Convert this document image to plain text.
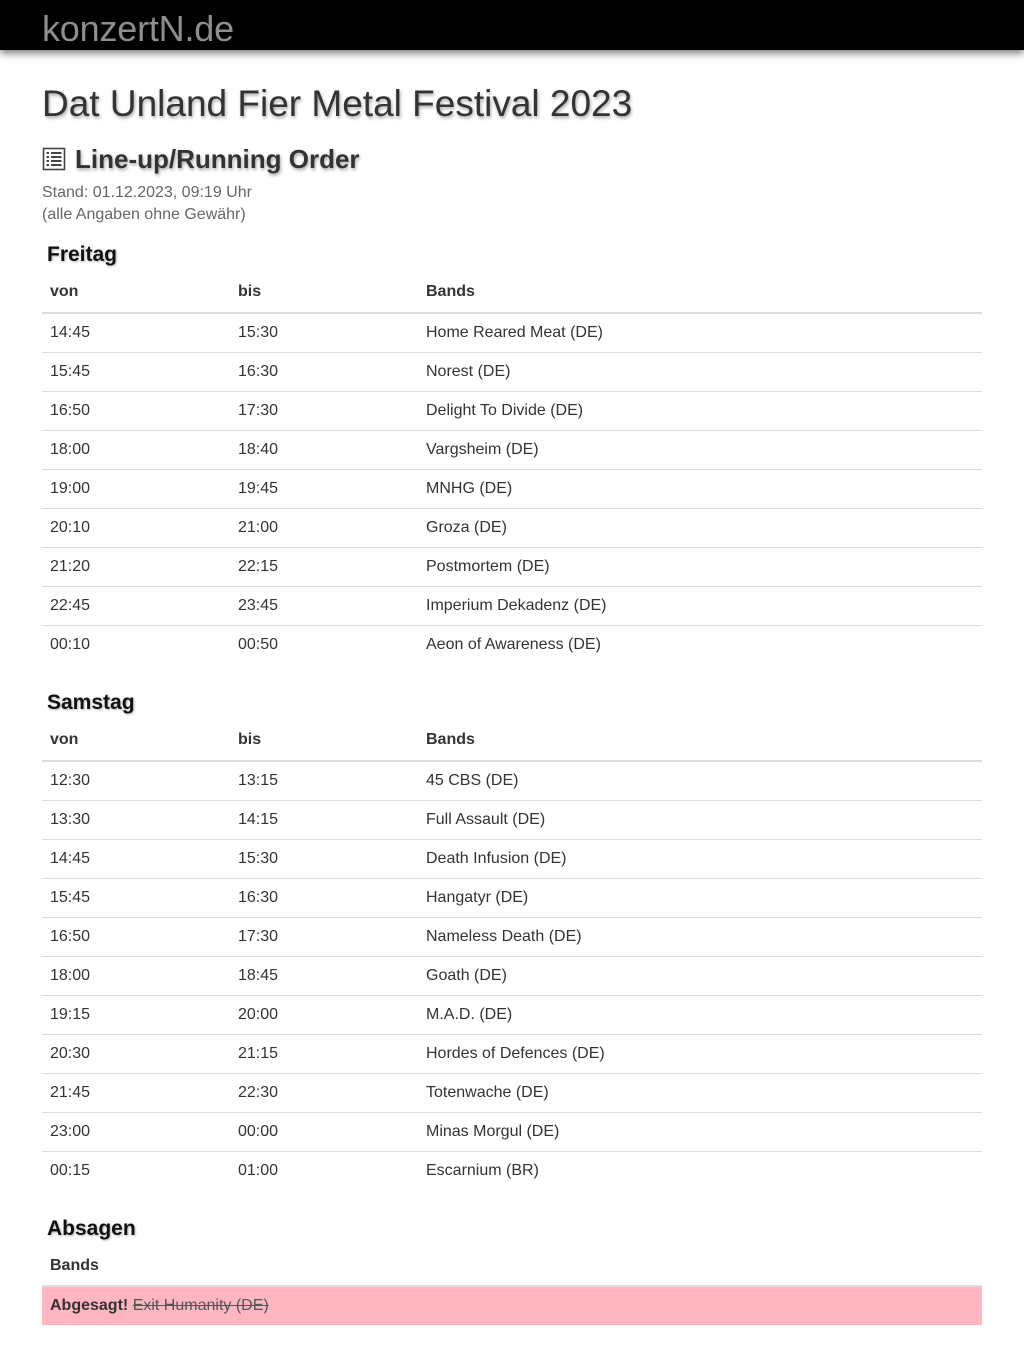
konzertN.de
Dat Unland Fier Metal Festival 2023
Line-up/Running Order
Stand: 01.12.2023, 09:19 Uhr
(alle Angaben ohne Gewähr)
Freitag
von	bis	Bands
14:45	15:30	Home Reared Meat (DE)
15:45	16:30	Norest (DE)
16:50	17:30	Delight To Divide (DE)
18:00	18:40	Vargsheim (DE)
19:00	19:45	MNHG (DE)
20:10	21:00	Groza (DE)
21:20	22:15	Postmortem (DE)
22:45	23:45	Imperium Dekadenz (DE)
00:10	00:50	Aeon of Awareness (DE)
Samstag
von	bis	Bands
12:30	13:15	45 CBS (DE)
13:30	14:15	Full Assault (DE)
14:45	15:30	Death Infusion (DE)
15:45	16:30	Hangatyr (DE)
16:50	17:30	Nameless Death (DE)
18:00	18:45	Goath (DE)
19:15	20:00	M.A.D. (DE)
20:30	21:15	Hordes of Defences (DE)
21:45	22:30	Totenwache (DE)
23:00	00:00	Minas Morgul (DE)
00:15	01:00	Escarnium (BR)
Absagen
Bands
Abgesagt! Exit Humanity (DE)
